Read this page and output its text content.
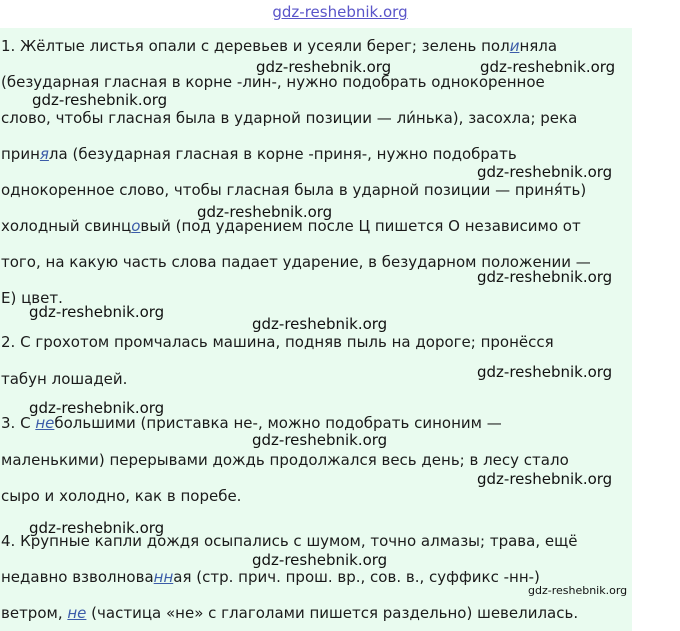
gdz-reshebnik.org
1. Жёлтые листья опали с деревьев и усеяли берег; зелень полиняла
(безударная гласная в корне -лин-, нужно подобрать однокоренное
слово, чтобы гласная была в ударной позиции — ли́нька), засохла; река
приняла (безударная гласная в корне -приня-, нужно подобрать
однокоренное слово, чтобы гласная была в ударной позиции — приня́ть)
холодный свинцовый (под ударением после Ц пишется О независимо от
того, на какую часть слова падает ударение, в безударном положении —
Е) цвет.
2. С грохотом промчалась машина, подняв пыль на дороге; пронёсся
табун лошадей.
3. С небольшими (приставка не-, можно подобрать синоним —
маленькими) перерывами дождь продолжался весь день; в лесу стало
сыро и холодно, как в поребе.
4. Крупные капли дождя осыпались с шумом, точно алмазы; трава, ещё
недавно взволнованная (стр. прич. прош. вр., сов. в., суффикс -нн-)
ветром, не (частица «не» с глаголами пишется раздельно) шевелилась.
gdz-reshebnik.org	gdz-reshebnik.org
gdz-reshebnik.org
gdz-reshebnik.org
gdz-reshebnik.org
gdz-reshebnik.org
gdz-reshebnik.org
gdz-reshebnik.org
gdz-reshebnik.org
gdz-reshebnik.org
gdz-reshebnik.org
gdz-reshebnik.org
gdz-reshebnik.org
gdz-reshebnik.org
gdz-reshebnik.org
